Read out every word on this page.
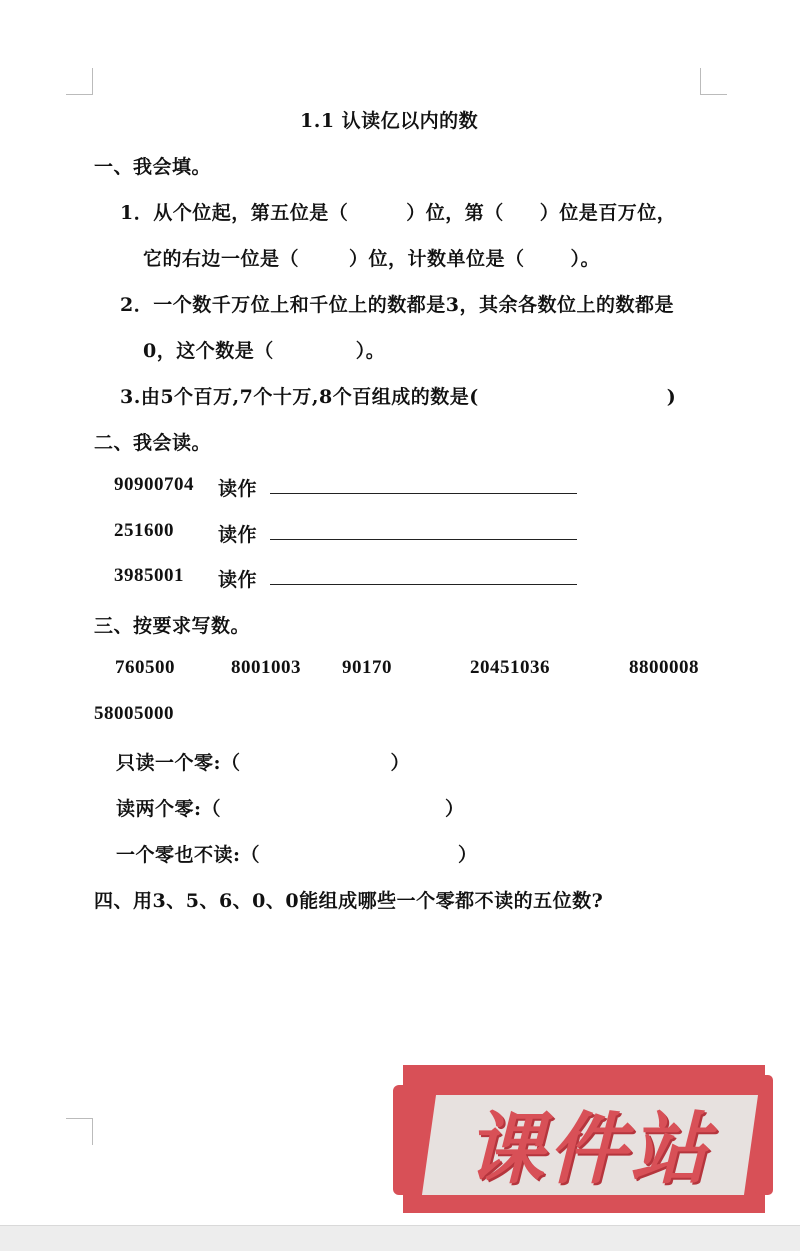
1.1 认读亿以内的数
一、我会填。
1．从个位起，第五位是（	）位，第（ ）位是百万位，
它的右边一位是（	）位，计数单位是（ ）。
2．一个数千万位上和千位上的数都是3，其余各数位上的数都是
0，这个数是（	）。
3.由5个百万,7个十万,8个百组成的数是(	)
二、我会读。
90900704 读作
251600 读作
3985001 读作
三、按要求写数。
760500	8001003 90170	20451036	8800008
58005000
只读一个零:（	）
读两个零:（	）
一个零也不读:（	）
四、用3、5、6、0、0能组成哪些一个零都不读的五位数?
课件站
